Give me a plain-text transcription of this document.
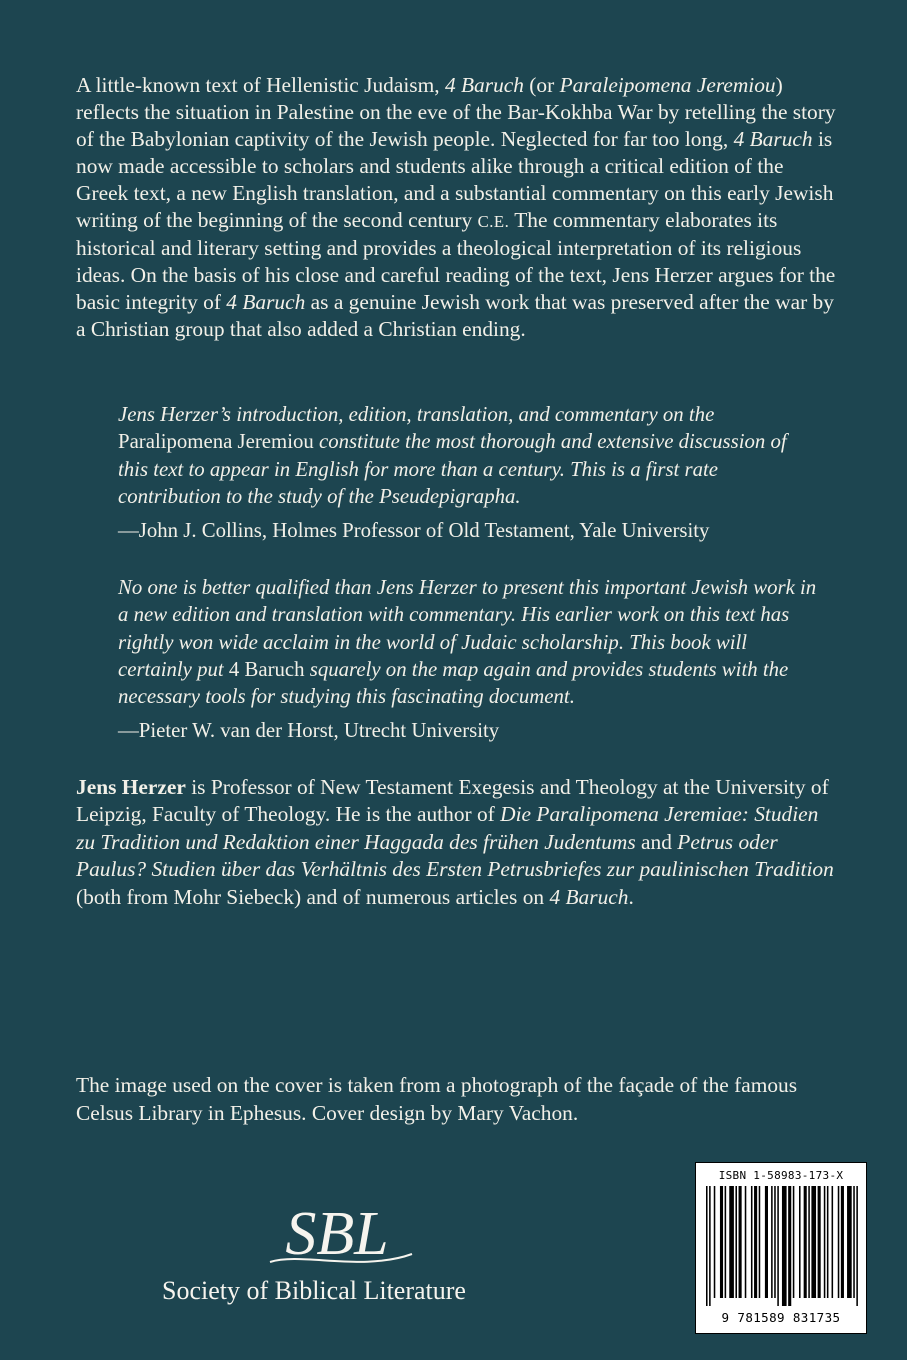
A little-known text of Hellenistic Judaism, 4 Baruch (or Paraleipomena Jeremiou) reflects the situation in Palestine on the eve of the Bar-Kokhba War by retelling the story of the Babylonian captivity of the Jewish people. Neglected for far too long, 4 Baruch is now made accessible to scholars and students alike through a critical edition of the Greek text, a new English translation, and a substantial commentary on this early Jewish writing of the beginning of the second century C.E. The commentary elaborates its historical and literary setting and provides a theological interpretation of its religious ideas. On the basis of his close and careful reading of the text, Jens Herzer argues for the basic integrity of 4 Baruch as a genuine Jewish work that was preserved after the war by a Christian group that also added a Christian ending.

Jens Herzer’s introduction, edition, translation, and commentary on the Paralipomena Jeremiou constitute the most thorough and extensive discussion of this text to appear in English for more than a century. This is a first rate contribution to the study of the Pseudepigrapha.

—John J. Collins, Holmes Professor of Old Testament, Yale University

No one is better qualified than Jens Herzer to present this important Jewish work in a new edition and translation with commentary. His earlier work on this text has rightly won wide acclaim in the world of Judaic scholarship. This book will certainly put 4 Baruch squarely on the map again and provides students with the necessary tools for studying this fascinating document.

—Pieter W. van der Horst, Utrecht University

Jens Herzer is Professor of New Testament Exegesis and Theology at the University of Leipzig, Faculty of Theology. He is the author of Die Paralipomena Jeremiae: Studien zu Tradition und Redaktion einer Haggada des frühen Judentums and Petrus oder Paulus? Studien über das Verhältnis des Ersten Petrusbriefes zur paulinischen Tradition (both from Mohr Siebeck) and of numerous articles on 4 Baruch.

The image used on the cover is taken from a photograph of the façade of the famous Celsus Library in Ephesus. Cover design by Mary Vachon.

SBL
Society of Biblical Literature
ISBN 1-58983-173-X
9 781589 831735
